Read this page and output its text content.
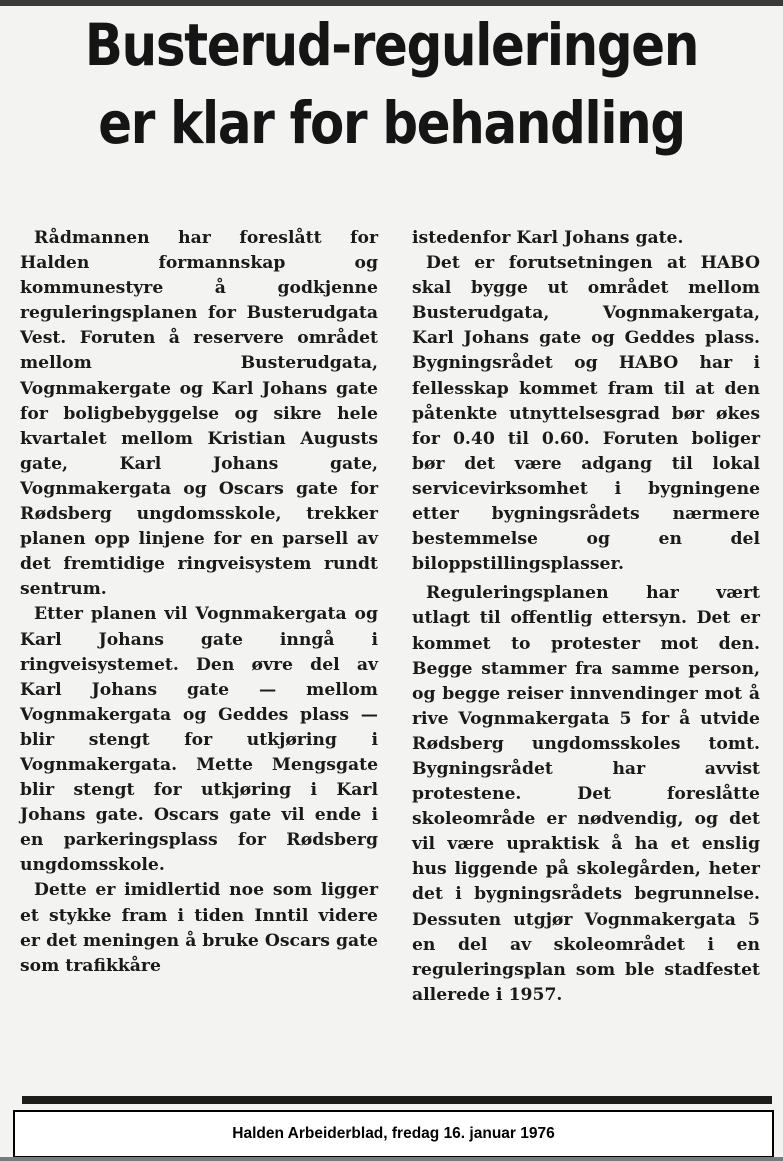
Busterud-reguleringen
er klar for behandling

Rådmannen har foreslått for Halden formannskap og kommunestyre å godkjenne reguleringsplanen for Busterudgata Vest. Foruten å reservere området mellom Busterudgata, Vognmakergate og Karl Johans gate for boligbebyggelse og sikre hele kvartalet mellom Kristian Augusts gate, Karl Johans gate, Vognmakergata og Oscars gate for Rødsberg ungdomsskole, trekker planen opp linjene for en parsell av det fremtidige ringveisystem rundt sentrum.

Etter planen vil Vognmakergata og Karl Johans gate inngå i ringveisystemet. Den øvre del av Karl Johans gate — mellom Vognmakergata og Geddes plass — blir stengt for utkjøring i Vognmakergata. Mette Mengsgate blir stengt for utkjøring i Karl Johans gate. Oscars gate vil ende i en parkeringsplass for Rødsberg ungdomsskole.

Dette er imidlertid noe som ligger et stykke fram i tiden Inntil videre er det meningen å bruke Oscars gate som trafikkåre

istedenfor Karl Johans gate.

Det er forutsetningen at HABO skal bygge ut området mellom Busterudgata, Vognmakergata, Karl Johans gate og Geddes plass. Bygningsrådet og HABO har i fellesskap kommet fram til at den påtenkte utnyttelsesgrad bør økes for 0.40 til 0.60. Foruten boliger bør det være adgang til lokal servicevirksomhet i bygningene etter bygningsrådets nærmere bestemmelse og en del biloppstillingsplasser.

Reguleringsplanen har vært utlagt til offentlig ettersyn. Det er kommet to protester mot den. Begge stammer fra samme person, og begge reiser innvendinger mot å rive Vognmakergata 5 for å utvide Rødsberg ungdomsskoles tomt. Bygningsrådet har avvist protestene. Det foreslåtte skoleområde er nødvendig, og det vil være upraktisk å ha et enslig hus liggende på skolegården, heter det i bygningsrådets begrunnelse. Dessuten utgjør Vognmakergata 5 en del av skoleområdet i en reguleringsplan som ble stadfestet allerede i 1957.

Halden Arbeiderblad, fredag 16. januar 1976
